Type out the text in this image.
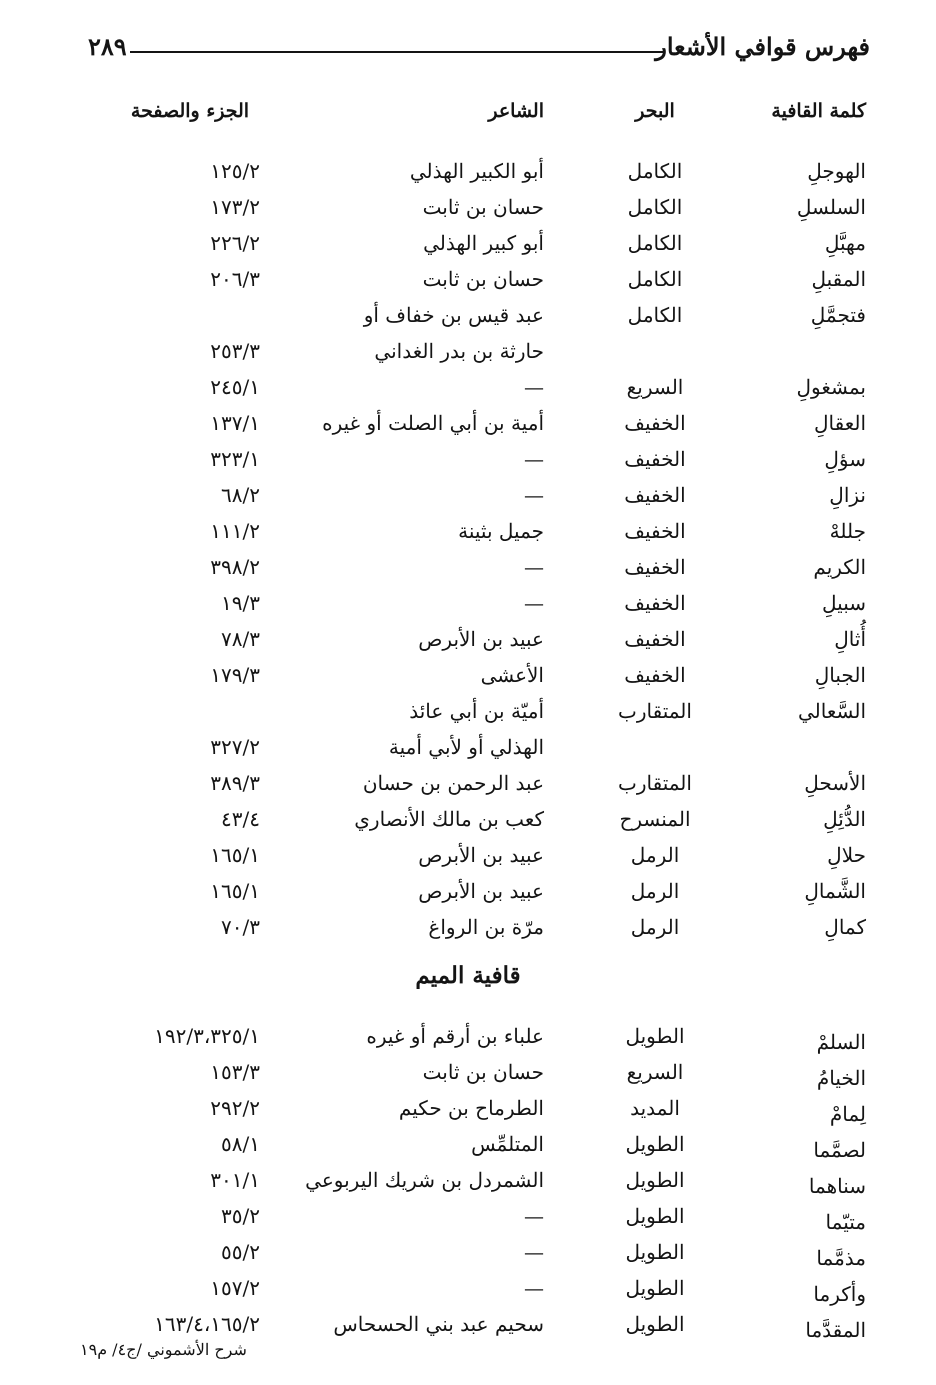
فهرس قوافي الأشعار
٢٨٩
كلمة القافية
البحر
الشاعر
الجزء والصفحة
الهوجلِ
الكامل
أبو الكبير الهذلي
١٢٥/٢
السلسلِ
الكامل
حسان بن ثابت
١٧٣/٢
مهبَّلِ
الكامل
أبو كبير الهذلي
٢٢٦/٢
المقبلِ
الكامل
حسان بن ثابت
٢٠٦/٣
فتجمَّلِ
الكامل
عبد قيس بن خفاف أو
حارثة بن بدر الغداني
٢٥٣/٣
بمشغولِ
السريع
—
٢٤٥/١
العقالِ
الخفيف
أمية بن أبي الصلت أو غيره
١٣٧/١
سؤلِ
الخفيف
—
٣٢٣/١
نزالِ
الخفيف
—
٦٨/٢
جللهْ
الخفيف
جميل بثينة
١١١/٢
الكريم
الخفيف
—
٣٩٨/٢
سبيلِ
الخفيف
—
١٩/٣
أُثالِ
الخفيف
عبيد بن الأبرص
٧٨/٣
الجبالِ
الخفيف
الأعشى
١٧٩/٣
السَّعالي
المتقارب
أميّة بن أبي عائذ
الهذلي أو لأبي أمية
٣٢٧/٢
الأسحلِ
المتقارب
عبد الرحمن بن حسان
٣٨٩/٣
الدُّئِلِ
المنسرح
كعب بن مالك الأنصاري
٤٣/٤
حلالِ
الرمل
عبيد بن الأبرص
١٦٥/١
الشَّمالِ
الرمل
عبيد بن الأبرص
١٦٥/١
كمالِ
الرمل
مرّة بن الرواغ
٧٠/٣
قافية الميم
السلمْ
الطويل
علباء بن أرقم أو غيره
١٩٢/٣،٣٢٥/١
الخيامُ
السريع
حسان بن ثابت
١٥٣/٣
لِمامْ
المديد
الطرماح بن حكيم
٢٩٢/٢
لصمَّما
الطويل
المتلمِّس
٥٨/١
سناهما
الطويل
الشمردل بن شريك اليربوعي
٣٠١/١
متيّما
الطويل
—
٣٥/٢
مذمَّما
الطويل
—
٥٥/٢
وأكرما
الطويل
—
١٥٧/٢
المقدَّما
الطويل
سحيم عبد بني الحسحاس
١٦٣/٤،١٦٥/٢
شرح الأشموني /ج٤/ م١٩
